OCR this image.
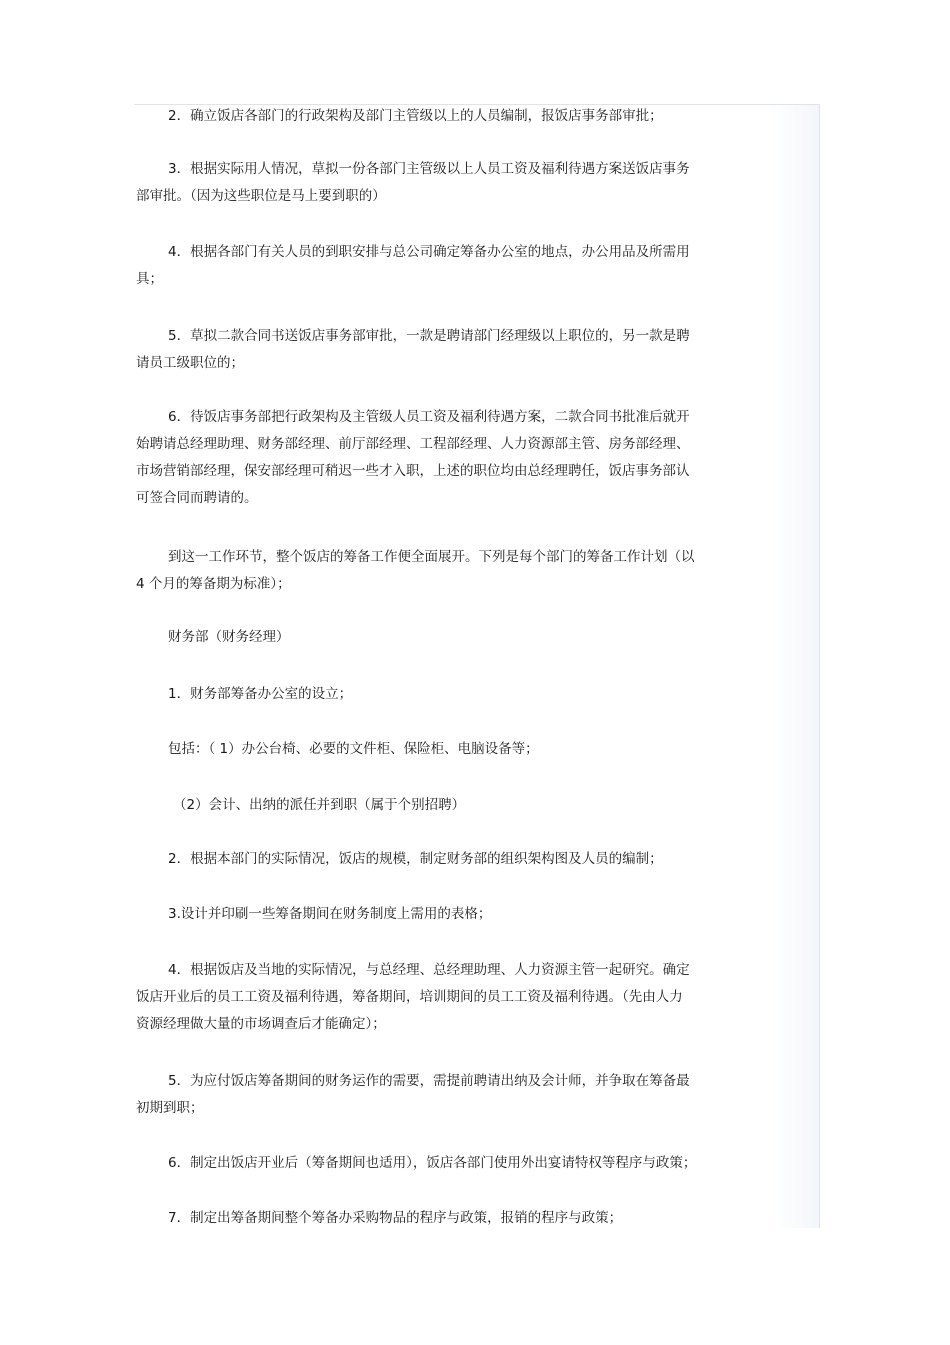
2．确立饭店各部门的行政架构及部门主管级以上的人员编制，报饭店事务部审批；

3．根据实际用人情况，草拟一份各部门主管级以上人员工资及福利待遇方案送饭店事务
部审批。（因为这些职位是马上要到职的）

4．根据各部门有关人员的到职安排与总公司确定筹备办公室的地点，办公用品及所需用
具；

5．草拟二款合同书送饭店事务部审批，一款是聘请部门经理级以上职位的，另一款是聘
请员工级职位的；

6．待饭店事务部把行政架构及主管级人员工资及福利待遇方案，二款合同书批准后就开
始聘请总经理助理、财务部经理、前厅部经理、工程部经理、人力资源部主管、房务部经理、
市场营销部经理，保安部经理可稍迟一些才入职，上述的职位均由总经理聘任，饭店事务部认
可签合同而聘请的。

到这一工作环节，整个饭店的筹备工作便全面展开。下列是每个部门的筹备工作计划（以
4 个月的筹备期为标准）；

财务部（财务经理）

1．财务部筹备办公室的设立；

包括：（ 1）办公台椅、必要的文件柜、保险柜、电脑设备等；

（2）会计、出纳的派任并到职（属于个别招聘）

2．根据本部门的实际情况，饭店的规模，制定财务部的组织架构图及人员的编制；

3.设计并印刷一些筹备期间在财务制度上需用的表格；

4．根据饭店及当地的实际情况，与总经理、总经理助理、人力资源主管一起研究。确定
饭店开业后的员工工资及福利待遇，筹备期间，培训期间的员工工资及福利待遇。（先由人力
资源经理做大量的市场调查后才能确定）；

5．为应付饭店筹备期间的财务运作的需要，需提前聘请出纳及会计师，并争取在筹备最
初期到职；

6．制定出饭店开业后（筹备期间也适用），饭店各部门使用外出宴请特权等程序与政策；

7．制定出筹备期间整个筹备办采购物品的程序与政策，报销的程序与政策；
